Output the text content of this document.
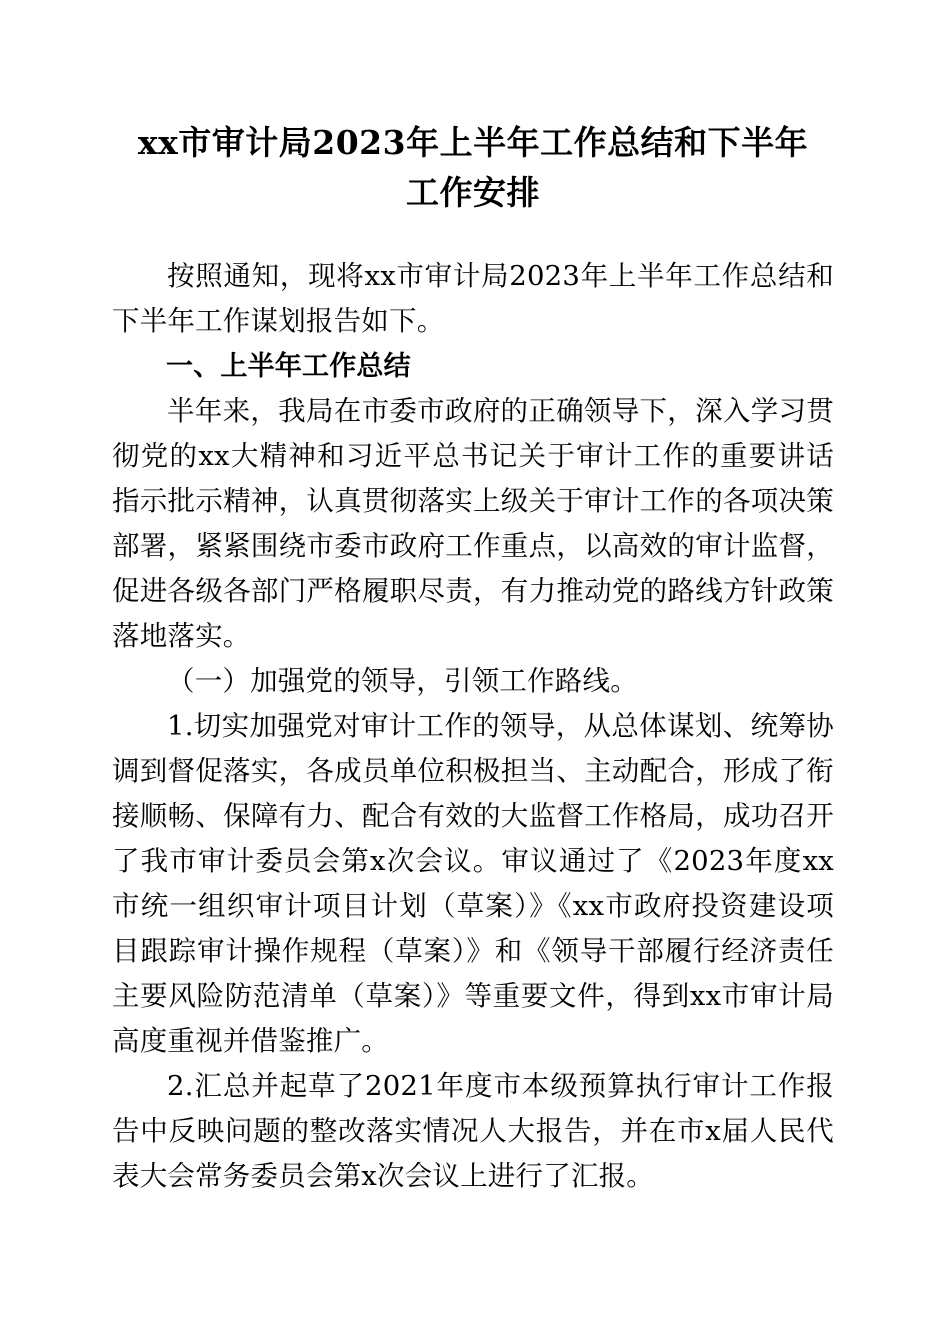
xx市审计局2023年上半年工作总结和下半年 工作安排

按照通知，现将xx市审计局2023年上半年工作总结和下半年工作谋划报告如下。

一、上半年工作总结

半年来，我局在市委市政府的正确领导下，深入学习贯彻党的xx大精神和习近平总书记关于审计工作的重要讲话指示批示精神，认真贯彻落实上级关于审计工作的各项决策部署，紧紧围绕市委市政府工作重点，以高效的审计监督，促进各级各部门严格履职尽责，有力推动党的路线方针政策落地落实。

（一）加强党的领导，引领工作路线。

1.切实加强党对审计工作的领导，从总体谋划、统筹协调到督促落实，各成员单位积极担当、主动配合，形成了衔接顺畅、保障有力、配合有效的大监督工作格局，成功召开了我市审计委员会第x次会议。审议通过了《2023年度xx市统一组织审计项目计划（草案）》《xx市政府投资建设项目跟踪审计操作规程（草案）》和《领导干部履行经济责任主要风险防范清单（草案）》等重要文件，得到xx市审计局高度重视并借鉴推广。

2.汇总并起草了2021年度市本级预算执行审计工作报告中反映问题的整改落实情况人大报告，并在市x届人民代表大会常务委员会第x次会议上进行了汇报。
